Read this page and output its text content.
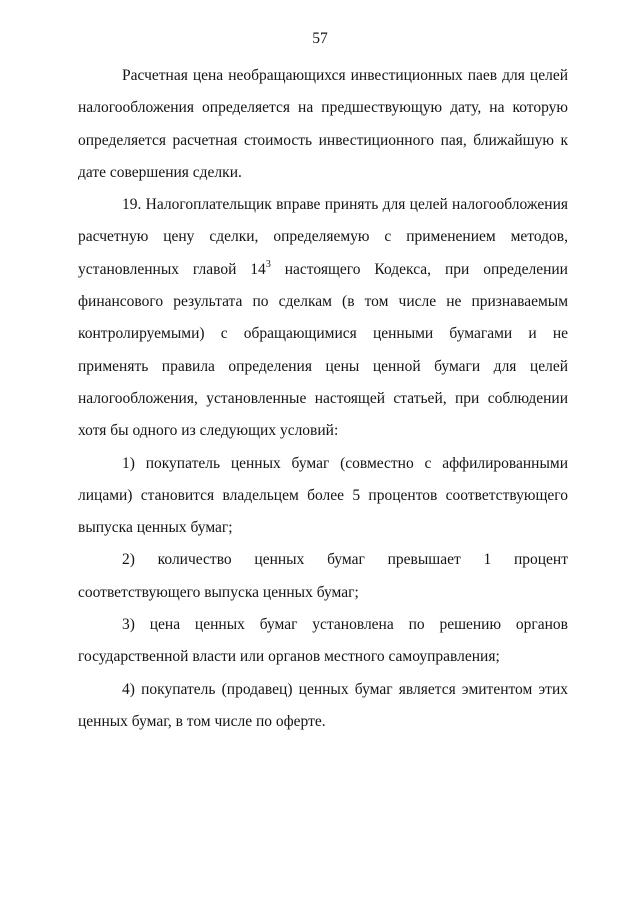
57

Расчетная цена необращающихся инвестиционных паев для целей налогообложения определяется на предшествующую дату, на которую определяется расчетная стоимость инвестиционного пая, ближайшую к дате совершения сделки.

19. Налогоплательщик вправе принять для целей налогообложения расчетную цену сделки, определяемую с применением методов, установленных главой $14^3$ настоящего Кодекса, при определении финансового результата по сделкам (в том числе не признаваемым контролируемыми) с обращающимися ценными бумагами и не применять правила определения цены ценной бумаги для целей налогообложения, установленные настоящей статьей, при соблюдении хотя бы одного из следующих условий:

1) покупатель ценных бумаг (совместно с аффилированными лицами) становится владельцем более 5 процентов соответствующего выпуска ценных бумаг;

2) количество ценных бумаг превышает 1 процент соответствующего выпуска ценных бумаг;

3) цена ценных бумаг установлена по решению органов государственной власти или органов местного самоуправления;

4) покупатель (продавец) ценных бумаг является эмитентом этих ценных бумаг, в том числе по оферте.
